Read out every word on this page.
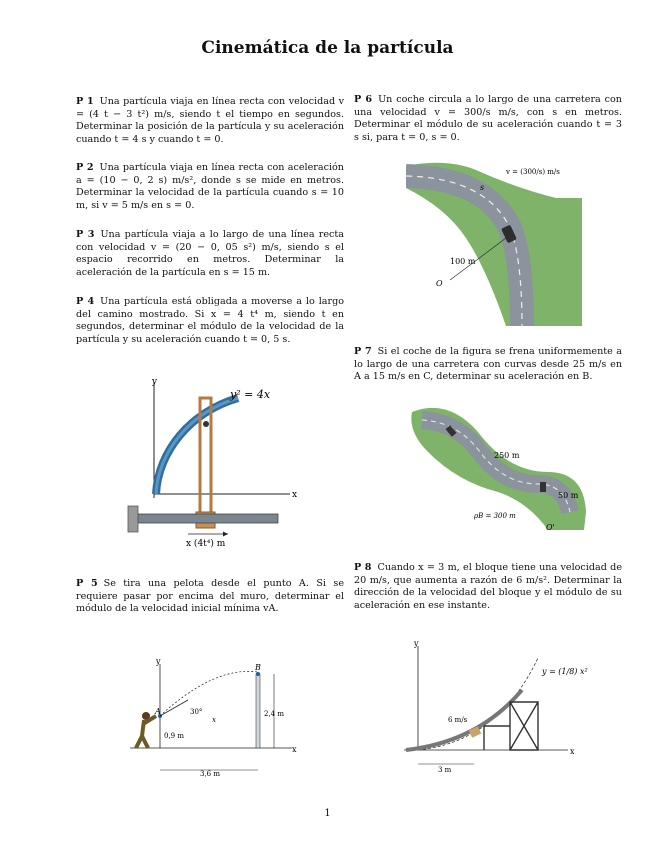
Cinemática de la partícula
P 1 Una partícula viaja en línea recta con velocidad v = (4 t − 3 t²) m/s, siendo t el tiempo en segundos. Determinar la posición de la partícula y su aceleración cuando t = 4 s y cuando t = 0.
P 2 Una partícula viaja en línea recta con aceleración a = (10 − 0, 2 s) m/s², donde s se mide en metros. Determinar la velocidad de la partícula cuando s = 10 m, si v = 5 m/s en s = 0.
P 3 Una partícula viaja a lo largo de una línea recta con velocidad v = (20 − 0, 05 s²) m/s, siendo s el espacio recorrido en metros. Determinar la aceleración de la partícula en s = 15 m.
P 4 Una partícula está obligada a moverse a lo largo del camino mostrado. Si x = 4 t⁴ m, siendo t en segundos, determinar el módulo de la velocidad de la partícula y su aceleración cuando t = 0, 5 s.
P 5 Se tira una pelota desde el punto A. Si se requiere pasar por encima del muro, determinar el módulo de la velocidad inicial mínima vA.
P 6 Un coche circula a lo largo de una carretera con una velocidad v = 300/s m/s, con s en metros. Determinar el módulo de su aceleración cuando t = 3 s si, para t = 0, s = 0.
P 7 Si el coche de la figura se frena uniformemente a lo largo de una carretera con curvas desde 25 m/s en A a 15 m/s en C, determinar su aceleración en B.
P 8 Cuando x = 3 m, el bloque tiene una velocidad de 20 m/s, que aumenta a razón de 6 m/s². Determinar la dirección de la velocidad del bloque y el módulo de su aceleración en ese instante.
y
x
y² = 4x
x (4t⁴) m
y
x
A	30°
x
B
2,4 m
0,9 m
3,6 m
100 m
O
v = (300/s) m/s
s
250 m
50 m
ρB = 300 m
O'
y
x
6 m/s
y = (1/8) x²
3 m
1
